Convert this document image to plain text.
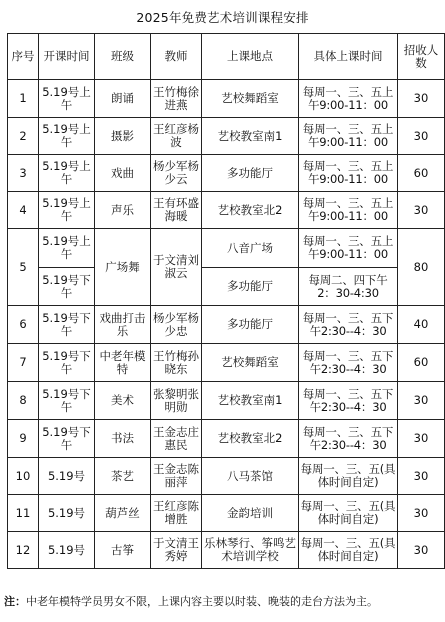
2025年免费艺术培训课程安排
序号	开课时间	班级	教师	上课地点	具体上课时间	招收人数
1	5.19号上午	朗诵	王竹梅徐进燕	艺校舞蹈室	每周一、三、五上午9:00-11：00	30
2	5.19号上午	摄影	王红彦杨波	艺校教室南1	每周一、三、五上午9:00-11：00	30
3	5.19号上午	戏曲	杨少军杨少云	多功能厅	每周一、三、五上午9:00-11：00	60
4	5.19号上午	声乐	王有环盛海暖	艺校教室北2	每周一、三、五上午9:00-11：00	30
5	5.19号上午	广场舞	于文清刘淑云	八音广场	每周一、三、五上午9:00-11：00	80
	5.19号下午			多功能厅	每周二、四下午2：30-4:30	
6	5.19号下午	戏曲打击乐	杨少军杨少忠	多功能厅	每周一、三、五下午2:30--4：30	40
7	5.19号下午	中老年模特	王竹梅孙晓东	艺校舞蹈室	每周一、三、五下午2:30--4：30	60
8	5.19号下午	美术	张黎明张明勋	艺校教室南1	每周一、三、五下午2:30--4：30	30
9	5.19号下午	书法	王金志庄惠民	艺校教室北2	每周一、三、五下午2:30--4：30	30
10	5.19号	茶艺	王金志陈丽萍	八马茶馆	每周一、三、五(具体时间自定)	30
11	5.19号	葫芦丝	王红彦陈增胜	金韵培训	每周一、三、五(具体时间自定)	30
12	5.19号	古筝	于文清王秀婷	乐林琴行、筝鸣艺术培训学校	每周一、三、五(具体时间自定)	30
注：中老年模特学员男女不限，上课内容主要以时装、晚装的走台方法为主。
